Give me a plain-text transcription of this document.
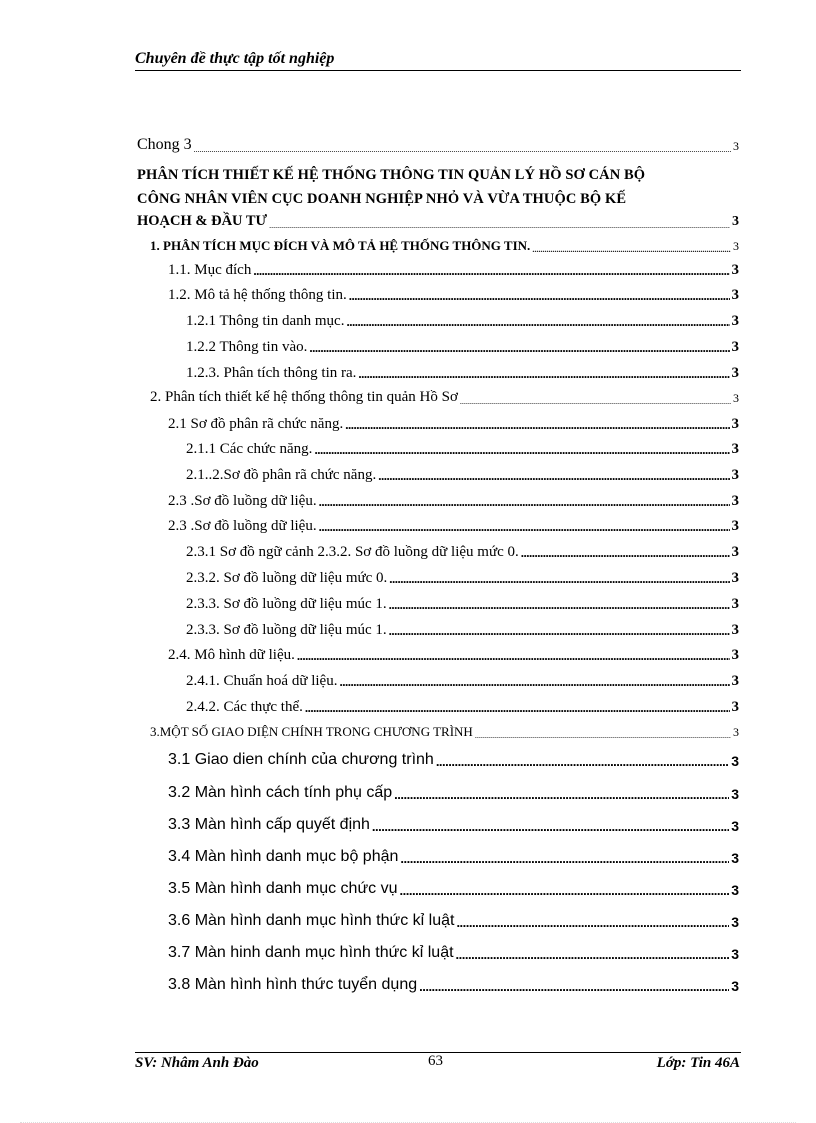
Chuyên đề thực tập tốt nghiệp
Chong 3 .....	3
PHÂN TÍCH THIẾT KẾ HỆ THỐNG THÔNG TIN QUẢN LÝ HỒ SƠ CÁN BỘ
CÔNG NHÂN VIÊN CỤC DOANH NGHIỆP NHỎ VÀ VỪA THUỘC BỘ KẾ
HOẠCH & ĐẦU TƯ .....	3
1. PHÂN TÍCH MỤC ĐÍCH VÀ MÔ TẢ HỆ THỐNG THÔNG TIN. .....	3
1.1. Mục đích .....	3
1.2. Mô tả hệ thống thông tin. .....	3
1.2.1 Thông tin danh mục. .....	3
1.2.2 Thông tin vào. .....	3
1.2.3. Phân tích thông tin ra. .....	3
2. Phân tích thiết kế hệ thống thông tin quản Hồ Sơ .....	3
2.1 Sơ đồ phân rã chức năng. .....	3
2.1.1 Các chức năng. .....	3
2.1..2.Sơ đồ phân rã chức năng. .....	3
2.3 .Sơ đồ luồng dữ liệu. .....	3
2.3 .Sơ đồ luồng dữ liệu. .....	3
2.3.1 Sơ đồ ngữ cảnh 2.3.2. Sơ đồ luồng dữ liệu mức 0. .....	3
2.3.2. Sơ đồ luồng dữ liệu mức 0. .....	3
2.3.3. Sơ đồ luồng dữ liệu múc 1. .....	3
2.3.3. Sơ đồ luồng dữ liệu múc 1. .....	3
2.4. Mô hình dữ liệu. .....	3
2.4.1. Chuẩn hoá dữ liệu. .....	3
2.4.2. Các thực thể. .....	3
3.MỘT SỐ GIAO DIỆN CHÍNH TRONG CHƯƠNG TRÌNH .....	3
3.1 Giao dien chính của chương trình .....	3
3.2 Màn hình cách tính phụ cấp .....	3
3.3 Màn hình cấp quyết định .....	3
3.4 Màn hình danh mục bộ phận .....	3
3.5 Màn hình danh mục chức vụ .....	3
3.6 Màn hình danh mục hình thức kỉ luật .....	3
3.7 Màn hinh danh mục hình thức kỉ luật .....	3
3.8 Màn hình hình thức tuyển dụng .....	3
SV: Nhâm Anh Đào	63	Lớp: Tin 46A
